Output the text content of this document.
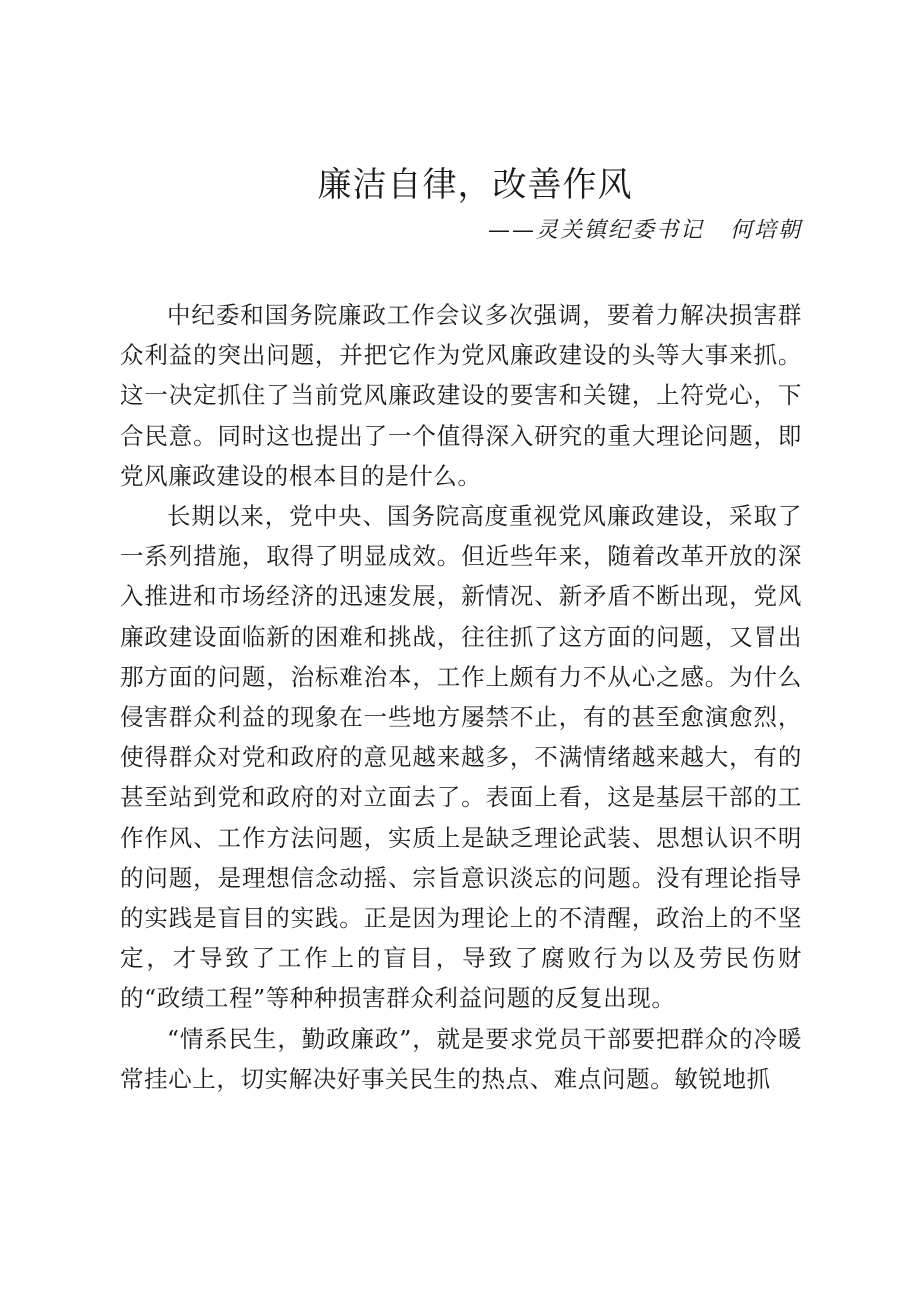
廉洁自律，改善作风
——灵关镇纪委书记 何培朝

中纪委和国务院廉政工作会议多次强调，要着力解决损害群众利益的突出问题，并把它作为党风廉政建设的头等大事来抓。这一决定抓住了当前党风廉政建设的要害和关键，上符党心，下合民意。同时这也提出了一个值得深入研究的重大理论问题，即党风廉政建设的根本目的是什么。

长期以来，党中央、国务院高度重视党风廉政建设，采取了一系列措施，取得了明显成效。但近些年来，随着改革开放的深入推进和市场经济的迅速发展，新情况、新矛盾不断出现，党风廉政建设面临新的困难和挑战，往往抓了这方面的问题，又冒出那方面的问题，治标难治本，工作上颇有力不从心之感。为什么侵害群众利益的现象在一些地方屡禁不止，有的甚至愈演愈烈，使得群众对党和政府的意见越来越多，不满情绪越来越大，有的甚至站到党和政府的对立面去了。表面上看，这是基层干部的工作作风、工作方法问题，实质上是缺乏理论武装、思想认识不明的问题，是理想信念动摇、宗旨意识淡忘的问题。没有理论指导的实践是盲目的实践。正是因为理论上的不清醒，政治上的不坚定，才导致了工作上的盲目，导致了腐败行为以及劳民伤财的“政绩工程”等种种损害群众利益问题的反复出现。

“情系民生，勤政廉政”，就是要求党员干部要把群众的冷暖常挂心上，切实解决好事关民生的热点、难点问题。敏锐地抓
